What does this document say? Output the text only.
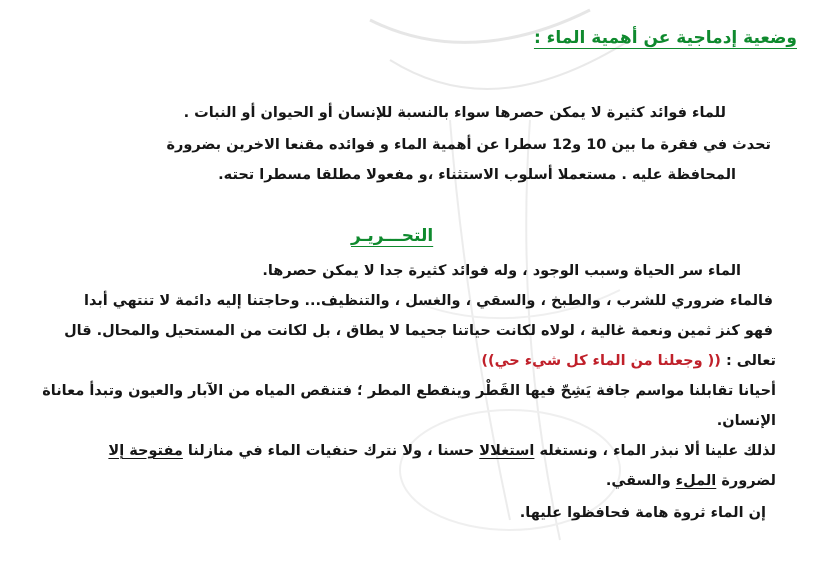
وضعية إدماجية عن أهمية الماء :
للماء فوائد كثيرة لا يمكن حصرها سواء بالنسبة للإنسان أو الحيوان أو النبات .
تحدث في فقرة ما بين 10 و12 سطرا عن أهمية الماء و فوائده مقنعا الاخرين بضرورة
المحافظة عليه . مستعملا أسلوب الاستثناء ،و مفعولا مطلقا مسطرا تحته.
التحـــريـر
الماء سر الحياة وسبب الوجود ، وله فوائد كثيرة جدا لا يمكن حصرها.
فالماء ضروري للشرب ، والطبخ ، والسقي ، والغسل ، والتنظيف... وحاجتنا إليه دائمة لا تنتهي أبدا
فهو كنز ثمين ونعمة غالية ، لولاه لكانت حياتنا جحيما لا يطاق ، بل لكانت من المستحيل والمحال. قال
تعالى : (( وجعلنا من الماء كل شيء حي))
أحيانا تقابلنا مواسم جافة يَشِحّ فيها القَطْر وينقطع المطر ؛ فتنقص المياه من الآبار والعيون وتبدأ معاناة
الإنسان.
لذلك علينا ألا نبذر الماء ، ونستغله استغلالا حسنا ، ولا نترك حنفيات الماء في منازلنا مفتوحة إلا
لضرورة الملء والسقي.
إن الماء ثروة هامة فحافظوا عليها.
